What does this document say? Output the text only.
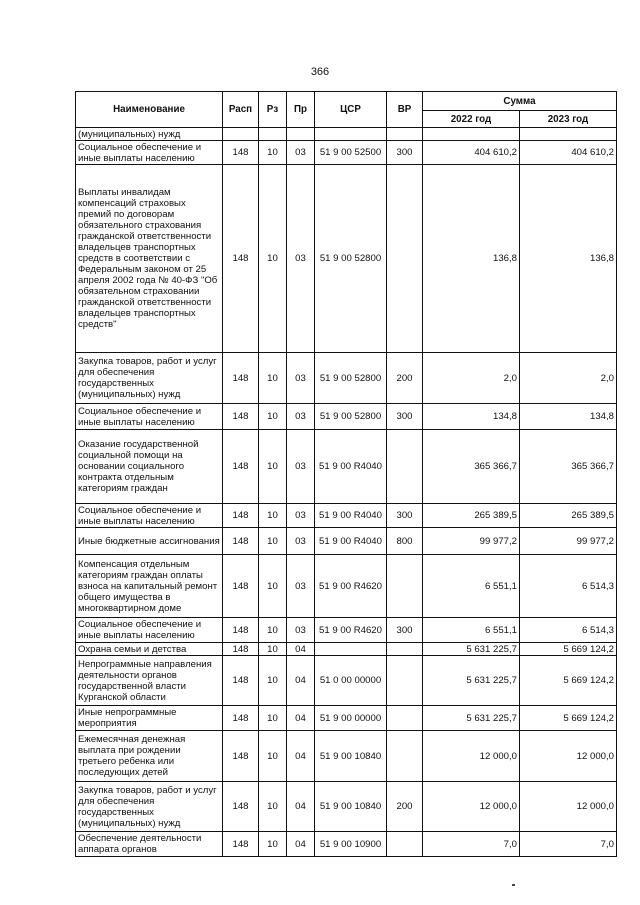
366
Наименование	Расп	Рз	Пр	ЦСР	ВР	Сумма	
						2022 год	2023 год
(муниципальных) нужд							
Социальное обеспечение и иные выплаты населению	148	10	03	51 9 00 52500	300	404 610,2	404 610,2
Выплаты инвалидам компенсаций страховых премий по договорам обязательного страхования гражданской ответственности владельцев транспортных средств в соответствии с Федеральным законом от 25 апреля 2002 года № 40-ФЗ "Об обязательном страховании гражданской ответственности владельцев транспортных средств"	148	10	03	51 9 00 52800		136,8	136,8
Закупка товаров, работ и услуг для обеспечения государственных (муниципальных) нужд	148	10	03	51 9 00 52800	200	2,0	2,0
Социальное обеспечение и иные выплаты населению	148	10	03	51 9 00 52800	300	134,8	134,8
Оказание государственной социальной помощи на основании социального контракта отдельным категориям граждан	148	10	03	51 9 00 R4040		365 366,7	365 366,7
Социальное обеспечение и иные выплаты населению	148	10	03	51 9 00 R4040	300	265 389,5	265 389,5
Иные бюджетные ассигнования	148	10	03	51 9 00 R4040	800	99 977,2	99 977,2
Компенсация отдельным категориям граждан оплаты взноса на капитальный ремонт общего имущества в многоквартирном доме	148	10	03	51 9 00 R4620		6 551,1	6 514,3
Социальное обеспечение и иные выплаты населению	148	10	03	51 9 00 R4620	300	6 551,1	6 514,3
Охрана семьи и детства	148	10	04			5 631 225,7	5 669 124,2
Непрограммные направления деятельности органов государственной власти Курганской области	148	10	04	51 0 00 00000		5 631 225,7	5 669 124,2
Иные непрограммные мероприятия	148	10	04	51 9 00 00000		5 631 225,7	5 669 124,2
Ежемесячная денежная выплата при рождении третьего ребенка или последующих детей	148	10	04	51 9 00 10840		12 000,0	12 000,0
Закупка товаров, работ и услуг для обеспечения государственных (муниципальных) нужд	148	10	04	51 9 00 10840	200	12 000,0	12 000,0
Обеспечение деятельности аппарата органов	148	10	04	51 9 00 10900		7,0	7,0
